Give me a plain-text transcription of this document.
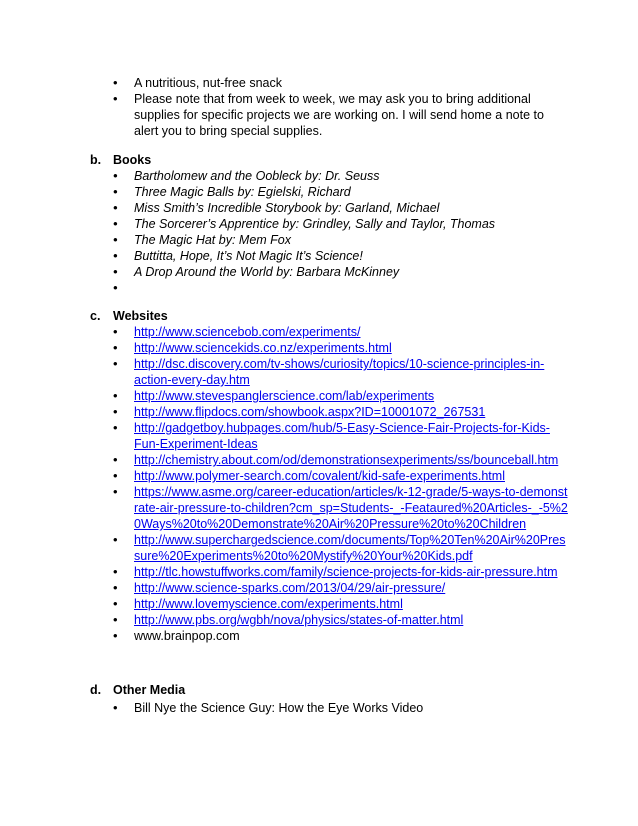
• A nutritious, nut-free snack
• Please note that from week to week, we may ask you to bring additional supplies for specific projects we are working on. I will send home a note to alert you to bring special supplies.
b. Books
• Bartholomew and the Oobleck by: Dr. Seuss
• Three Magic Balls by: Egielski, Richard
• Miss Smith’s Incredible Storybook by: Garland, Michael
• The Sorcerer’s Apprentice by: Grindley, Sally and Taylor, Thomas
• The Magic Hat by: Mem Fox
• Buttitta, Hope, It’s Not Magic It’s Science!
• A Drop Around the World by: Barbara McKinney
•
c. Websites
• http://www.sciencebob.com/experiments/
• http://www.sciencekids.co.nz/experiments.html
• http://dsc.discovery.com/tv-shows/curiosity/topics/10-science-principles-in-action-every-day.htm
• http://www.stevespanglerscience.com/lab/experiments
• http://www.flipdocs.com/showbook.aspx?ID=10001072_267531
• http://gadgetboy.hubpages.com/hub/5-Easy-Science-Fair-Projects-for-Kids-Fun-Experiment-Ideas
• http://chemistry.about.com/od/demonstrationsexperiments/ss/bounceball.htm
• http://www.polymer-search.com/covalent/kid-safe-experiments.html
• https://www.asme.org/career-education/articles/k-12-grade/5-ways-to-demonstrate-air-pressure-to-children?cm_sp=Students-_-Feataured%20Articles-_-5%20Ways%20to%20Demonstrate%20Air%20Pressure%20to%20Children
• http://www.superchargedscience.com/documents/Top%20Ten%20Air%20Pressure%20Experiments%20to%20Mystify%20Your%20Kids.pdf
• http://tlc.howstuffworks.com/family/science-projects-for-kids-air-pressure.htm
• http://www.science-sparks.com/2013/04/29/air-pressure/
• http://www.lovemyscience.com/experiments.html
• http://www.pbs.org/wgbh/nova/physics/states-of-matter.html
• www.brainpop.com
d. Other Media
• Bill Nye the Science Guy: How the Eye Works Video
